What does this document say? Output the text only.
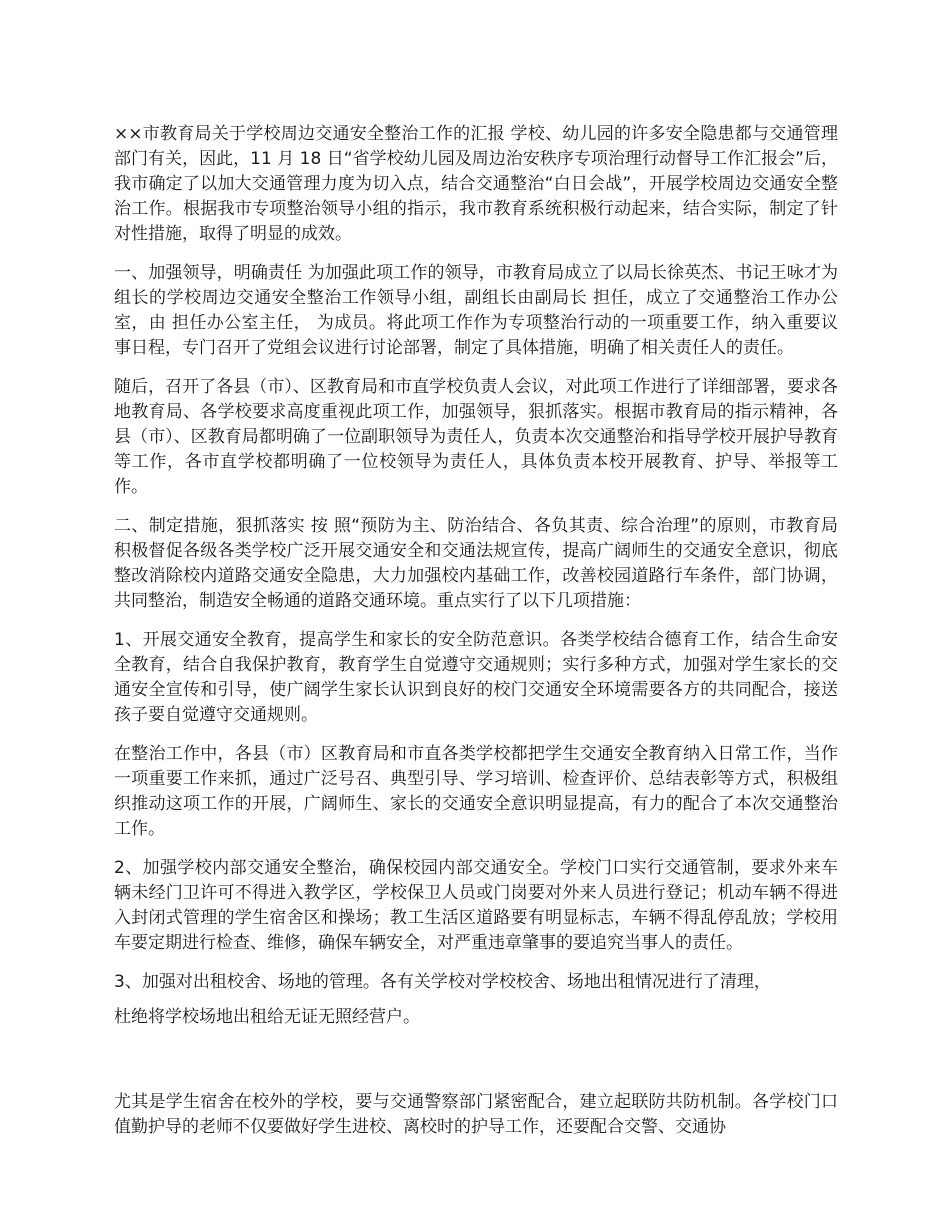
××市教育局关于学校周边交通安全整治工作的汇报 学校、幼儿园的许多安全隐患都与交通管理部门有关，因此，11 月 18 日“省学校幼儿园及周边治安秩序专项治理行动督导工作汇报会”后，我市确定了以加大交通管理力度为切入点，结合交通整治“白日会战”，开展学校周边交通安全整治工作。根据我市专项整治领导小组的指示，我市教育系统积极行动起来，结合实际，制定了针对性措施，取得了明显的成效。

一、加强领导，明确责任 为加强此项工作的领导，市教育局成立了以局长徐英杰、书记王咏才为组长的学校周边交通安全整治工作领导小组，副组长由副局长 担任，成立了交通整治工作办公室，由 担任办公室主任， 为成员。将此项工作作为专项整治行动的一项重要工作，纳入重要议事日程，专门召开了党组会议进行讨论部署，制定了具体措施，明确了相关责任人的责任。

随后，召开了各县（市）、区教育局和市直学校负责人会议，对此项工作进行了详细部署，要求各地教育局、各学校要求高度重视此项工作，加强领导，狠抓落实。根据市教育局的指示精神，各县（市）、区教育局都明确了一位副职领导为责任人，负责本次交通整治和指导学校开展护导教育等工作，各市直学校都明确了一位校领导为责任人，具体负责本校开展教育、护导、举报等工作。

二、制定措施，狠抓落实 按 照“预防为主、防治结合、各负其责、综合治理”的原则，市教育局积极督促各级各类学校广泛开展交通安全和交通法规宣传，提高广阔师生的交通安全意识，彻底整改消除校内道路交通安全隐患，大力加强校内基础工作，改善校园道路行车条件，部门协调，共同整治，制造安全畅通的道路交通环境。重点实行了以下几项措施：

1、开展交通安全教育，提高学生和家长的安全防范意识。各类学校结合德育工作，结合生命安全教育，结合自我保护教育，教育学生自觉遵守交通规则；实行多种方式，加强对学生家长的交通安全宣传和引导，使广阔学生家长认识到良好的校门交通安全环境需要各方的共同配合，接送孩子要自觉遵守交通规则。

在整治工作中，各县（市）区教育局和市直各类学校都把学生交通安全教育纳入日常工作，当作一项重要工作来抓，通过广泛号召、典型引导、学习培训、检查评价、总结表彰等方式，积极组织推动这项工作的开展，广阔师生、家长的交通安全意识明显提高，有力的配合了本次交通整治工作。

2、加强学校内部交通安全整治，确保校园内部交通安全。学校门口实行交通管制，要求外来车辆未经门卫许可不得进入教学区，学校保卫人员或门岗要对外来人员进行登记；机动车辆不得进入封闭式管理的学生宿舍区和操场；教工生活区道路要有明显标志，车辆不得乱停乱放；学校用车要定期进行检查、维修，确保车辆安全，对严重违章肇事的要追究当事人的责任。

3、加强对出租校舍、场地的管理。各有关学校对学校校舍、场地出租情况进行了清理，

杜绝将学校场地出租给无证无照经营户。

尤其是学生宿舍在校外的学校，要与交通警察部门紧密配合，建立起联防共防机制。各学校门口值勤护导的老师不仅要做好学生进校、离校时的护导工作，还要配合交警、交通协
